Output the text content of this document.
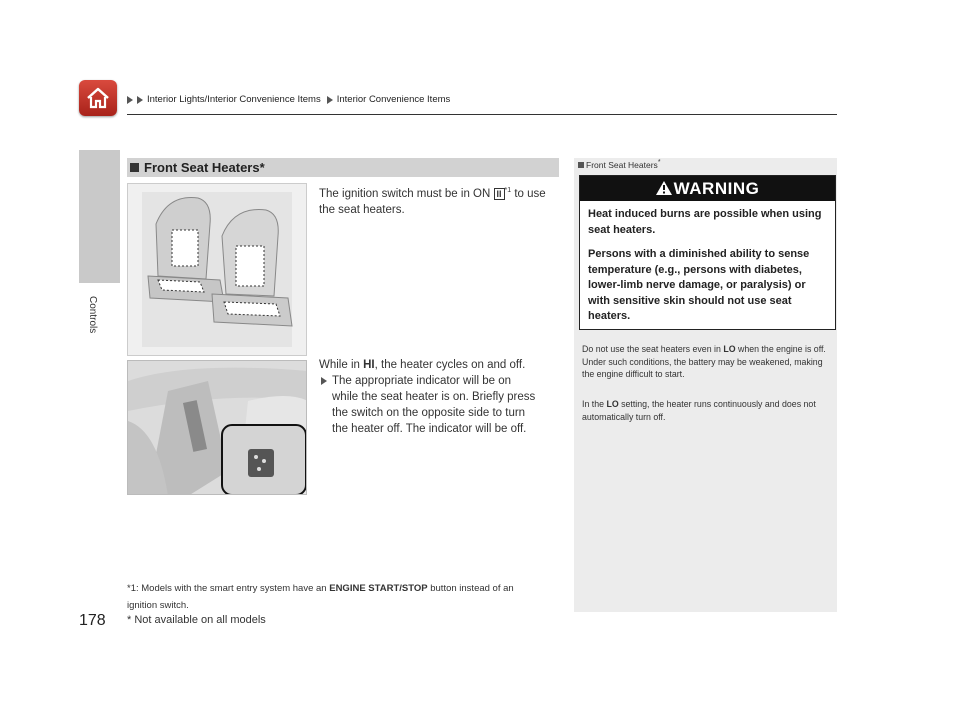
Interior Lights/Interior Convenience Items Interior Convenience Items
Controls
178
Front Seat Heaters*
The ignition switch must be in ON II $^{*1}$ to use
the seat heaters.
While in HI, the heater cycles on and off.
The appropriate indicator will be on
while the seat heater is on. Briefly press
the switch on the opposite side to turn
the heater off. The indicator will be off.
*1: Models with the smart entry system have an ENGINE START/STOP button instead of an
ignition switch.
* Not available on all models
Front Seat Heaters*
WARNING

Heat induced burns are possible when using seat heaters.

Persons with a diminished ability to sense temperature (e.g., persons with diabetes, lower-limb nerve damage, or paralysis) or with sensitive skin should not use seat heaters.

Do not use the seat heaters even in LO when the engine is off. Under such conditions, the battery may be weakened, making the engine difficult to start.
In the LO setting, the heater runs continuously and does not automatically turn off.
